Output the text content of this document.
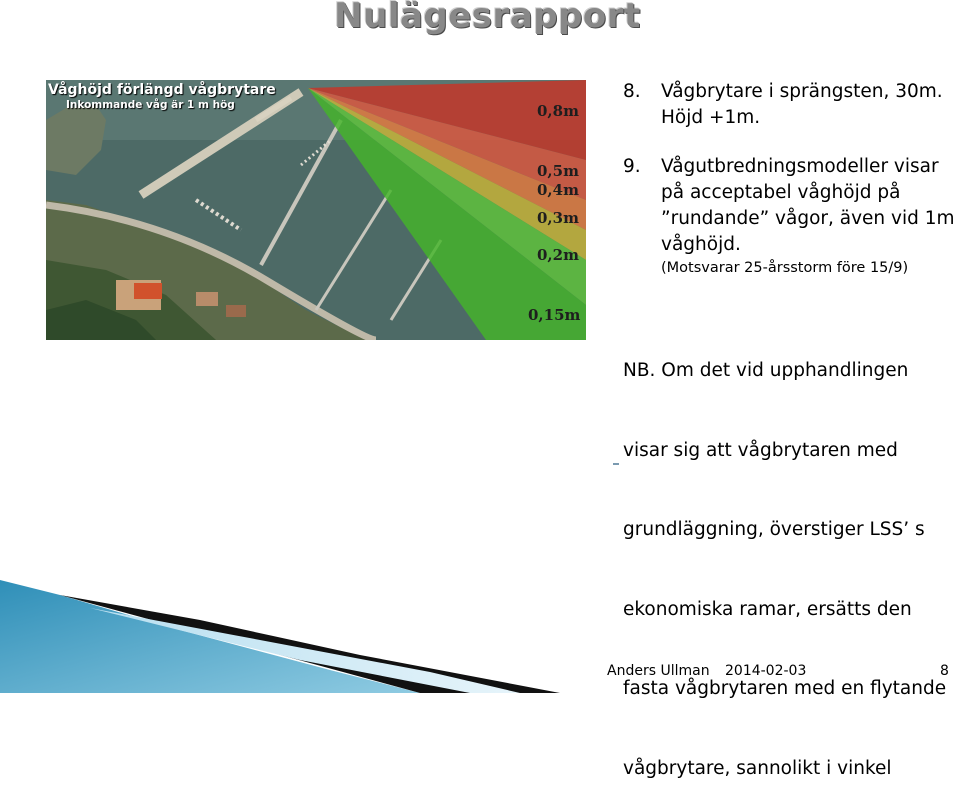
Nulägesrapport
Våghöjd förlängd vågbrytare
Inkommande våg är 1 m hög	0,8m
0,5m
0,4m
0,3m
0,2m
0,15m
8. Vågbrytare i sprängsten, 30m.
Höjd +1m.
9. Vågutbredningsmodeller visar
på acceptabel våghöjd på
”rundande” vågor, även vid 1m
våghöjd.
(Motsvarar 25-årsstorm före 15/9)

NB. Om det vid upphandlingen

visar sig att vågbrytaren med

grundläggning, överstiger LSS’ s

ekonomiska ramar, ersätts den

fasta vågbrytaren med en flytande

vågbrytare, sannolikt i vinkel

Anders Ullman 2014-02-03	8
